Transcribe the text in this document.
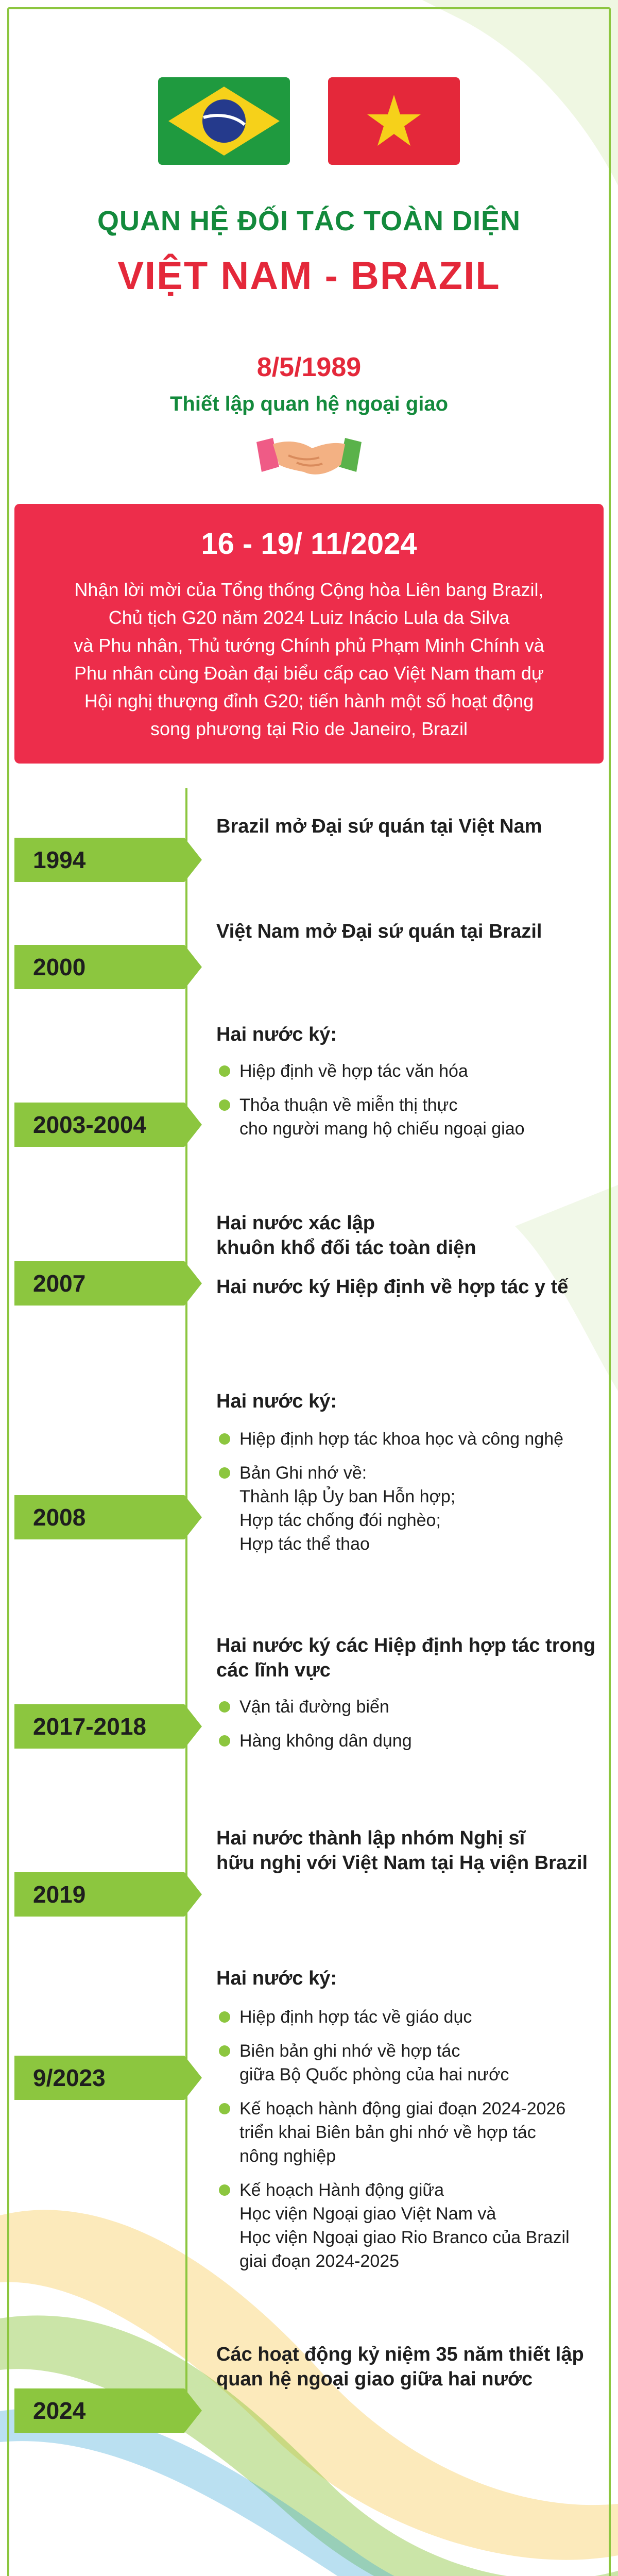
QUAN HỆ ĐỐI TÁC TOÀN DIỆN
VIỆT NAM - BRAZIL
8/5/1989
Thiết lập quan hệ ngoại giao
16 - 19/ 11/2024
Nhận lời mời của Tổng thống Cộng hòa Liên bang Brazil,
Chủ tịch G20 năm 2024 Luiz Inácio Lula da Silva
và Phu nhân, Thủ tướng Chính phủ Phạm Minh Chính và
Phu nhân cùng Đoàn đại biểu cấp cao Việt Nam tham dự
Hội nghị thượng đỉnh G20; tiến hành một số hoạt động
song phương tại Rio de Janeiro, Brazil
1994
Brazil mở Đại sứ quán tại Việt Nam
2000
Việt Nam mở Đại sứ quán tại Brazil
2003-2004
Hai nước ký:
Hiệp định về hợp tác văn hóa
Thỏa thuận về miễn thị thực
cho người mang hộ chiếu ngoại giao
2007
Hai nước xác lập
khuôn khổ đối tác toàn diện
Hai nước ký Hiệp định về hợp tác y tế
2008
Hai nước ký:
Hiệp định hợp tác khoa học và công nghệ
Bản Ghi nhớ về:
Thành lập Ủy ban Hỗn hợp;
Hợp tác chống đói nghèo;
Hợp tác thể thao
2017-2018
Hai nước ký các Hiệp định hợp tác trong
các lĩnh vực
Vận tải đường biển
Hàng không dân dụng
2019
Hai nước thành lập nhóm Nghị sĩ
hữu nghị với Việt Nam tại Hạ viện Brazil
9/2023
Hai nước ký:
Hiệp định hợp tác về giáo dục
Biên bản ghi nhớ về hợp tác
giữa Bộ Quốc phòng của hai nước
Kế hoạch hành động giai đoạn 2024-2026
triển khai Biên bản ghi nhớ về hợp tác
nông nghiệp
Kế hoạch Hành động giữa
Học viện Ngoại giao Việt Nam và
Học viện Ngoại giao Rio Branco của Brazil
giai đoạn 2024-2025
2024
Các hoạt động kỷ niệm 35 năm thiết lập
quan hệ ngoại giao giữa hai nước
